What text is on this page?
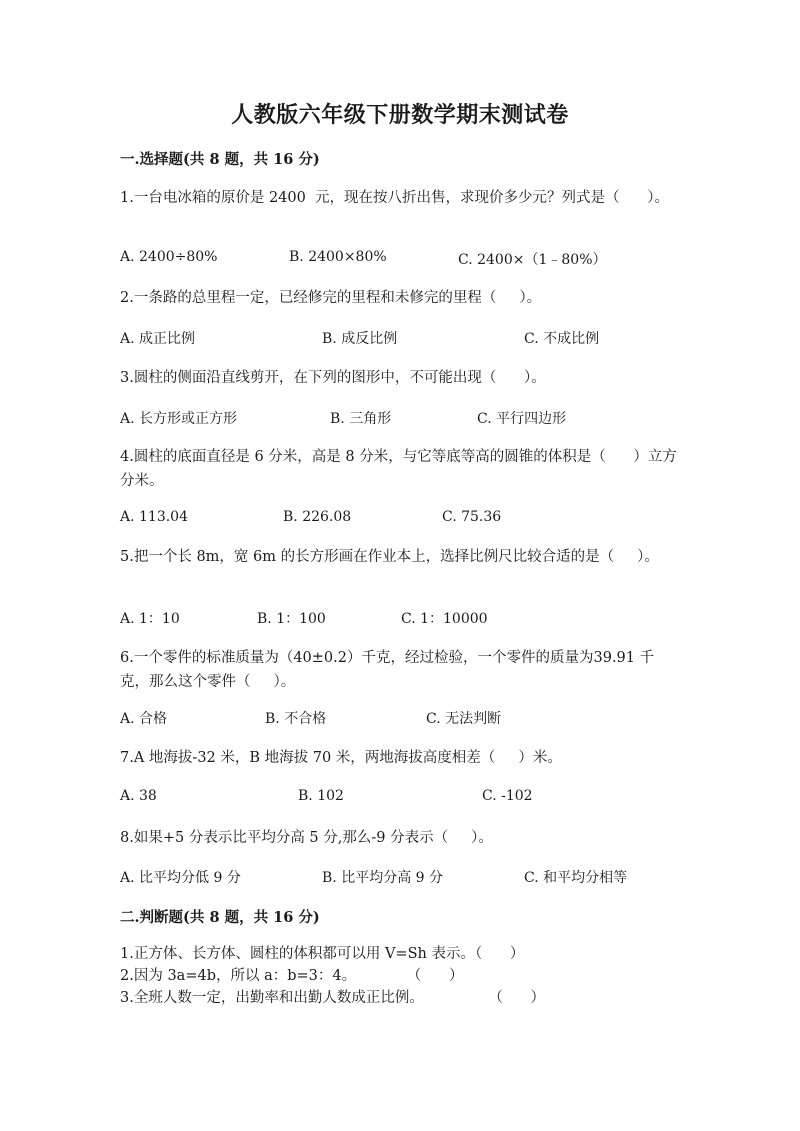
人教版六年级下册数学期末测试卷
一.选择题(共 8 题，共 16 分)
1.一台电冰箱的原价是 2400  元，现在按八折出售，求现价多少元？列式是（      ）。
A. 2400÷80%	B. 2400×80%	C. 2400×（1﹣80%）
2.一条路的总里程一定，已经修完的里程和未修完的里程（     ）。
A. 成正比例	B. 成反比例	C. 不成比例
3.圆柱的侧面沿直线剪开，在下列的图形中，不可能出现（      ）。
A. 长方形或正方形	B. 三角形	C. 平行四边形
4.圆柱的底面直径是 6 分米，高是 8 分米，与它等底等高的圆锥的体积是（      ）立方分米。
A. 113.04	B. 226.08	C. 75.36
5.把一个长 8m，宽 6m 的长方形画在作业本上，选择比例尺比较合适的是（     ）。
A. 1：10	B. 1：100	C. 1：10000
6.一个零件的标准质量为（40±0.2）千克，经过检验，一个零件的质量为39.91 千克，那么这个零件（     ）。
A. 合格	B. 不合格	C. 无法判断
7.A 地海拔-32 米，B 地海拔 70 米，两地海拔高度相差（     ）米。
A. 38	B. 102	C. -102
8.如果+5 分表示比平均分高 5 分,那么-9 分表示（     ）。
A. 比平均分低 9 分	B. 比平均分高 9 分	C. 和平均分相等
二.判断题(共 8 题，共 16 分)
1.正方体、长方体、圆柱的体积都可以用 V=Sh 表示。（      ）
2.因为 3a=4b，所以 a：b=3：4。           （      ）
3.全班人数一定，出勤率和出勤人数成正比例。              （      ）
